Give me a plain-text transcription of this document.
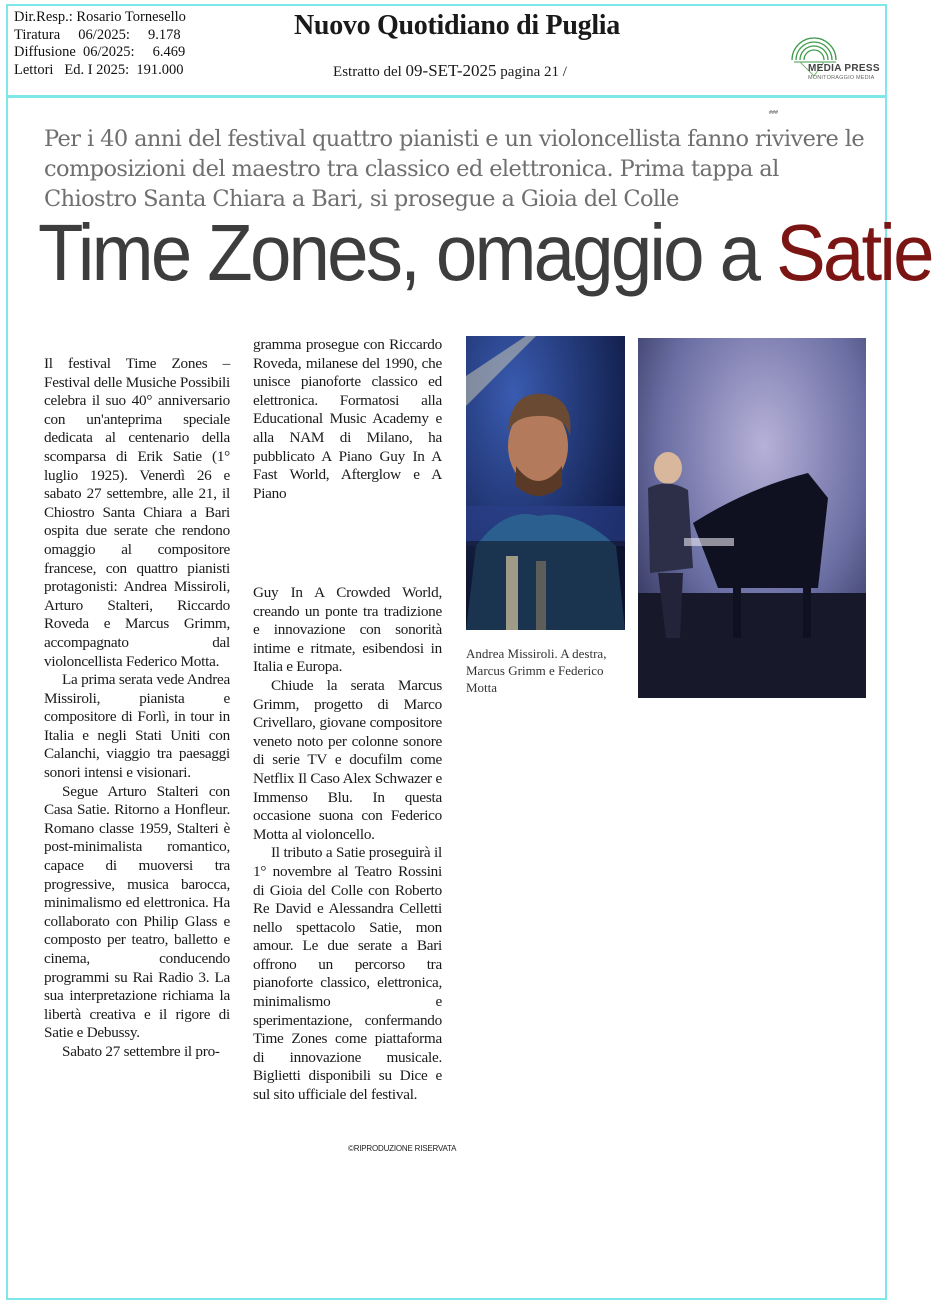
Dir.Resp.: Rosario Tornesello
Tiratura     06/2025:     9.178
Diffusione  06/2025:     6.469
Lettori   Ed. I 2025:  191.000
Nuovo Quotidiano di Puglia
Estratto del 09-SET-2025 pagina 21 /	MEDIA PRESS
MONITORAGGIO MEDIA
###
Per i 40 anni del festival quattro pianisti e un violoncellista fanno rivivere le composizioni del maestro tra classico ed elettronica. Prima tappa al Chiostro Santa Chiara a Bari, si prosegue a Gioia del Colle
Time Zones, omaggio a Satie

Il festival Time Zones – Festival delle Musiche Possibili celebra il suo 40° anniversario con un'anteprima speciale dedicata al centenario della scomparsa di Erik Satie (1° luglio 1925). Venerdì 26 e sabato 27 settembre, alle 21, il Chiostro Santa Chiara a Bari ospita due serate che rendono omaggio al compositore francese, con quattro pianisti protagonisti: Andrea Missiroli, Arturo Stalteri, Riccardo Roveda e Marcus Grimm, accompagnato dal violoncellista Federico Motta.

La prima serata vede Andrea Missiroli, pianista e compositore di Forlì, in tour in Italia e negli Stati Uniti con Calanchi, viaggio tra paesaggi sonori intensi e visionari.

Segue Arturo Stalteri con Casa Satie. Ritorno a Honfleur. Romano classe 1959, Stalteri è post-minimalista romantico, capace di muoversi tra progressive, musica barocca, minimalismo ed elettronica. Ha collaborato con Philip Glass e composto per teatro, balletto e cinema, conducendo programmi su Rai Radio 3. La sua interpretazione richiama la libertà creativa e il rigore di Satie e Debussy.

Sabato 27 settembre il pro-

gramma prosegue con Riccardo Roveda, milanese del 1990, che unisce pianoforte classico ed elettronica. Formatosi alla Educational Music Academy e alla NAM di Milano, ha pubblicato A Piano Guy In A Fast World, Afterglow e A Piano

Guy In A Crowded World, creando un ponte tra tradizione e innovazione con sonorità intime e ritmate, esibendosi in Italia e Europa.

Chiude la serata Marcus Grimm, progetto di Marco Crivellaro, giovane compositore veneto noto per colonne sonore di serie TV e docufilm come Netflix Il Caso Alex Schwazer e Immenso Blu. In questa occasione suona con Federico Motta al violoncello.

Il tributo a Satie proseguirà il 1° novembre al Teatro Rossini di Gioia del Colle con Roberto Re David e Alessandra Celletti nello spettacolo Satie, mon amour. Le due serate a Bari offrono un percorso tra pianoforte classico, elettronica, minimalismo e sperimentazione, confermando Time Zones come piattaforma di innovazione musicale. Biglietti disponibili su Dice e sul sito ufficiale del festival.

©RIPRODUZIONE RISERVATA
Andrea Missiroli. A destra, Marcus Grimm e Federico Motta
